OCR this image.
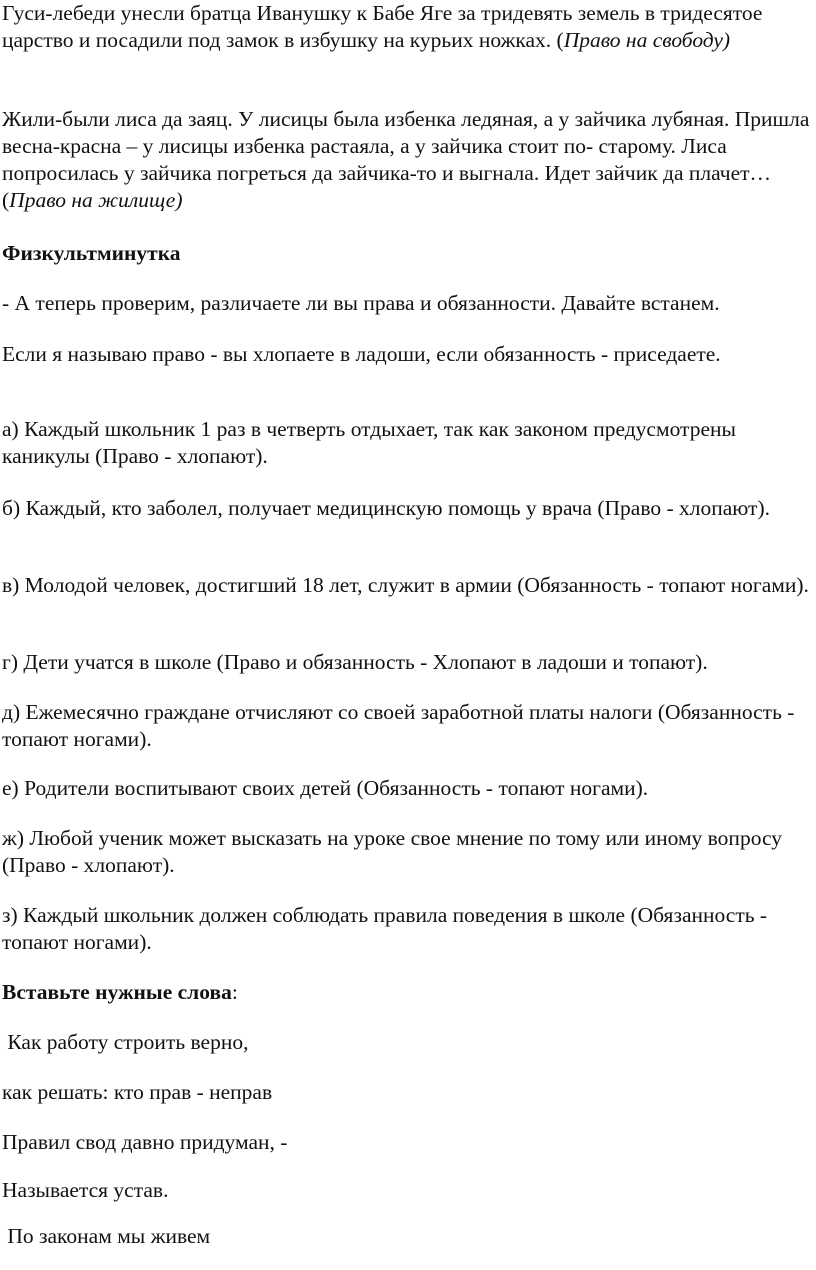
Гуси-лебеди унесли братца Иванушку к Бабе Яге за тридевять земель в тридесятое царство и посадили под замок в избушку на курьих ножках. (Право на свободу)

Жили-были лиса да заяц. У лисицы была избенка ледяная, а у зайчика лубяная. Пришла весна-красна – у лисицы избенка растаяла, а у зайчика стоит по- старому. Лиса попросилась у зайчика погреться да зайчика-то и выгнала. Идет зайчик да плачет… (Право на жилище)

Физкультминутка

- А теперь проверим, различаете ли вы права и обязанности. Давайте встанем.

Если я называю право - вы хлопаете в ладоши, если обязанность - приседаете.

а) Каждый школьник 1 раз в четверть отдыхает, так как законом предусмотрены каникулы (Право - хлопают).

б) Каждый, кто заболел, получает медицинскую помощь у врача (Право - хлопают).

в) Молодой человек, достигший 18 лет, служит в армии (Обязанность - топают ногами).

г) Дети учатся в школе (Право и обязанность - Хлопают в ладоши и топают).

д) Ежемесячно граждане отчисляют со своей заработной платы налоги (Обязанность - топают ногами).

е) Родители воспитывают своих детей (Обязанность - топают ногами).

ж) Любой ученик может высказать на уроке свое мнение по тому или иному вопросу (Право - хлопают).

з) Каждый школьник должен соблюдать правила поведения в школе (Обязанность - топают ногами).

Вставьте нужные слова:

Как работу строить верно,

как решать: кто прав - неправ

Правил свод давно придуман, -

Называется устав.

По законам мы живем
